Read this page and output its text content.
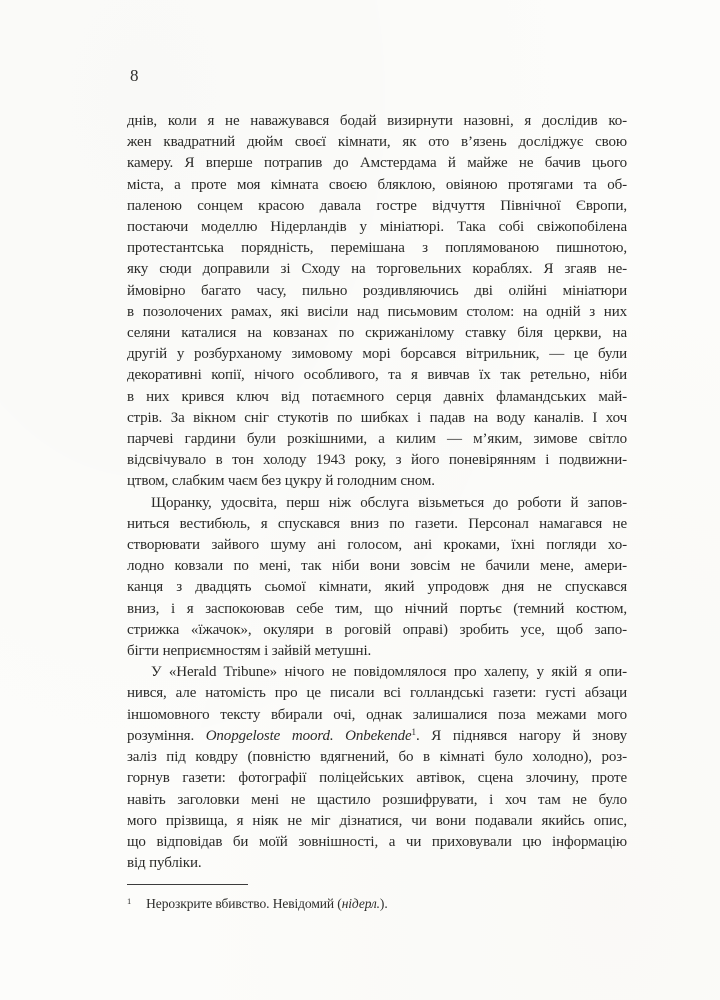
8
днів, коли я не наважувався бодай визирнути назовні, я дослідив ко-
жен квадратний дюйм своєї кімнати, як ото в’язень досліджує свою
камеру. Я вперше потрапив до Амстердама й майже не бачив цього
міста, а проте моя кімната своєю бляклою, овіяною протягами та об-
паленою сонцем красою давала гостре відчуття Північної Європи,
постаючи моделлю Нідерландів у мініатюрі. Така собі свіжопобілена
протестантська порядність, перемішана з поплямованою пишнотою,
яку сюди доправили зі Сходу на торговельних кораблях. Я згаяв не-
ймовірно багато часу, пильно роздивляючись дві олійні мініатюри
в позолочених рамах, які висіли над письмовим столом: на одній з них
селяни каталися на ковзанах по скрижанілому ставку біля церкви, на
другій у розбурханому зимовому морі борсався вітрильник, — це були
декоративні копії, нічого особливого, та я вивчав їх так ретельно, ніби
в них крився ключ від потаємного серця давніх фламандських май-
стрів. За вікном сніг стукотів по шибках і падав на воду каналів. І хоч
парчеві гардини були розкішними, а килим — м’яким, зимове світло
відсвічувало в тон холоду 1943 року, з його поневірянням і подвижни-
цтвом, слабким чаєм без цукру й голодним сном.
Щоранку, удосвіта, перш ніж обслуга візьметься до роботи й запов-
ниться вестибюль, я спускався вниз по газети. Персонал намагався не
створювати зайвого шуму ані голосом, ані кроками, їхні погляди хо-
лодно ковзали по мені, так ніби вони зовсім не бачили мене, амери-
канця з двадцять сьомої кімнати, який упродовж дня не спускався
вниз, і я заспокоював себе тим, що нічний портьє (темний костюм,
стрижка «їжачок», окуляри в роговій оправі) зробить усе, щоб запо-
бігти неприємностям і зайвій метушні.
У «Herald Tribune» нічого не повідомлялося про халепу, у якій я опи-
нився, але натомість про це писали всі голландські газети: густі абзаци
іншомовного тексту вбирали очі, однак залишалися поза межами мого
розуміння. Onopgeloste moord. Onbekende$^1$. Я піднявся нагору й знову
заліз під ковдру (повністю вдягнений, бо в кімнаті було холодно), роз-
горнув газети: фотографії поліцейських автівок, сцена злочину, проте
навіть заголовки мені не щастило розшифрувати, і хоч там не було
мого прізвища, я ніяк не міг дізнатися, чи вони подавали якийсь опис,
що відповідав би моїй зовнішності, а чи приховували цю інформацію
від публіки.
$^1$ Нерозкрите вбивство. Невідомий (нідерл.).
